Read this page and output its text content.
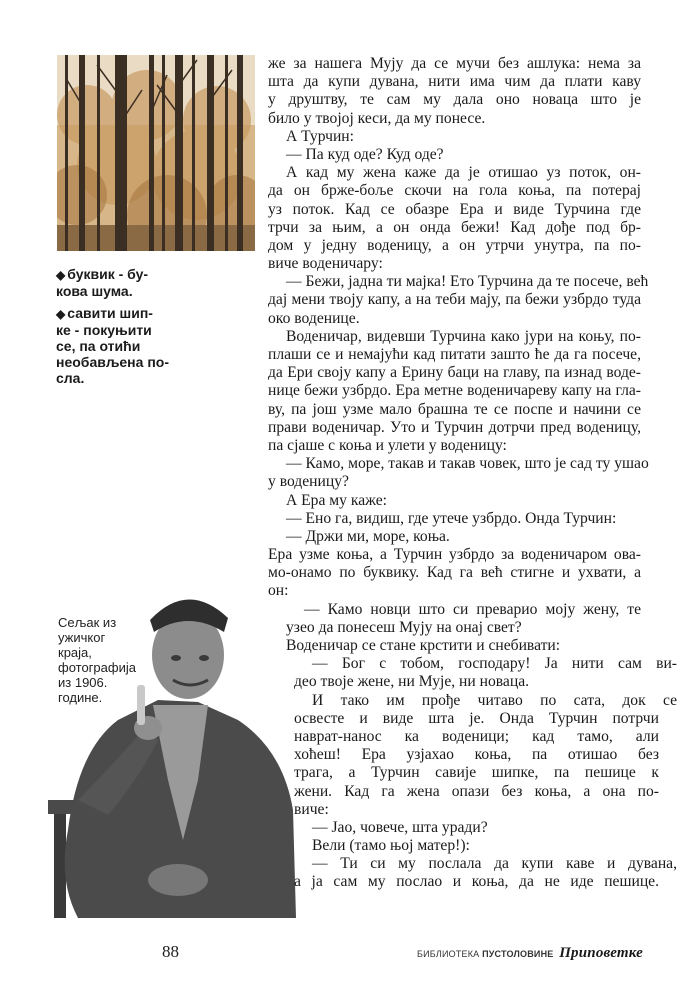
◆ буквик - бу-
кова шума.
◆ савити шип-
ке - покуњити
се, па отићи
необављена по-
сла.
Сељак из
ужичког
краја,
фотографија
из 1906.
године.
же за нашега Мују да се мучи без ашлука: нема за
шта да купи дувана, нити има чим да плати каву
у друштву, те сам му дала оно новаца што је
било у твојој кеси, да му понесе.
А Турчин:
— Па куд оде? Куд оде?
А кад му жена каже да је отишао уз поток, он-
да он брже-боље скочи на гола коња, па потерај
уз поток. Кад се обазре Ера и виде Турчина где
трчи за њим, а он онда бежи! Кад дође под бр-
дом у једну воденицу, а он утрчи унутра, па по-
виче воденичару:
— Бежи, јадна ти мајка! Ето Турчина да те посече, већ
дај мени твоју капу, а на теби мају, па бежи узбрдо туда
око воденице.
Воденичар, видевши Турчина како јури на коњу, по-
плаши се и немајући кад питати зашто ће да га посече,
да Ери своју капу а Ерину баци на главу, па изнад воде-
нице бежи узбрдо. Ера метне воденичареву капу на гла-
ву, па још узме мало брашна те се поспе и начини се
прави воденичар. Уто и Турчин дотрчи пред воденицу,
па сјаше с коња и улети у воденицу:
— Камо, море, такав и такав човек, што је сад ту ушао
у воденицу?
А Ера му каже:
— Ено га, видиш, где утече узбрдо. Онда Турчин:
— Држи ми, море, коња.
Ера узме коња, а Турчин узбрдо за воденичаром ова-
мо-онамо по буквику. Кад га већ стигне и ухвати, а
он:
— Камо новци што си преварио моју жену, те
узео да понесеш Мују на онај свет?
Воденичар се стане крстити и снебивати:
— Бог с тобом, господару! Ја нити сам ви-
део твоје жене, ни Мује, ни новаца.
И тако им прође читаво по сата, док се
освесте и виде шта је. Онда Турчин потрчи
наврат-нанос ка воденици; кад тамо, али
хоћеш! Ера узјахао коња, па отишао без
трага, а Турчин савије шипке, па пешице к
жени. Кад га жена опази без коња, а она по-
виче:
— Јао, човече, шта уради?
Вели (тамо њој матер!):
— Ти си му послала да купи каве и дувана,
а ја сам му послао и коња, да не иде пешице.
88	БИБЛИОТЕКА ПУСТОЛОВИНЕ Приповетке
